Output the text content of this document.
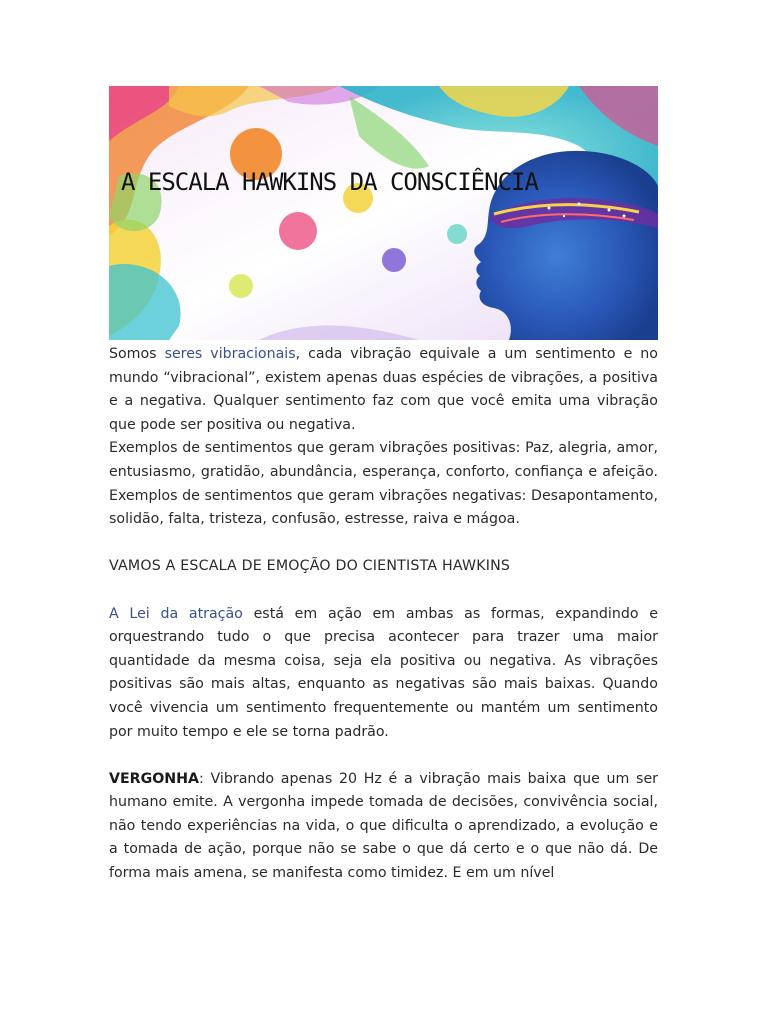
A ESCALA HAWKINS DA CONSCIÊNCIA

Somos seres vibracionais, cada vibração equivale a um sentimento e no mundo “vibracional”, existem apenas duas espécies de vibrações, a positiva e a negativa. Qualquer sentimento faz com que você emita uma vibração que pode ser positiva ou negativa.

Exemplos de sentimentos que geram vibrações positivas: Paz, alegria, amor, entusiasmo, gratidão, abundância, esperança, conforto, confiança e afeição. Exemplos de sentimentos que geram vibrações negativas: Desapontamento, solidão, falta, tristeza, confusão, estresse, raiva e mágoa.

VAMOS A ESCALA DE EMOÇÃO DO CIENTISTA HAWKINS

A Lei da atração está em ação em ambas as formas, expandindo e orquestrando tudo o que precisa acontecer para trazer uma maior quantidade da mesma coisa, seja ela positiva ou negativa. As vibrações positivas são mais altas, enquanto as negativas são mais baixas. Quando você vivencia um sentimento frequentemente ou mantém um sentimento por muito tempo e ele se torna padrão.

VERGONHA: Vibrando apenas 20 Hz é a vibração mais baixa que um ser humano emite. A vergonha impede tomada de decisões, convivência social, não tendo experiências na vida, o que dificulta o aprendizado, a evolução e a tomada de ação, porque não se sabe o que dá certo e o que não dá. De forma mais amena, se manifesta como timidez. E em um nível
